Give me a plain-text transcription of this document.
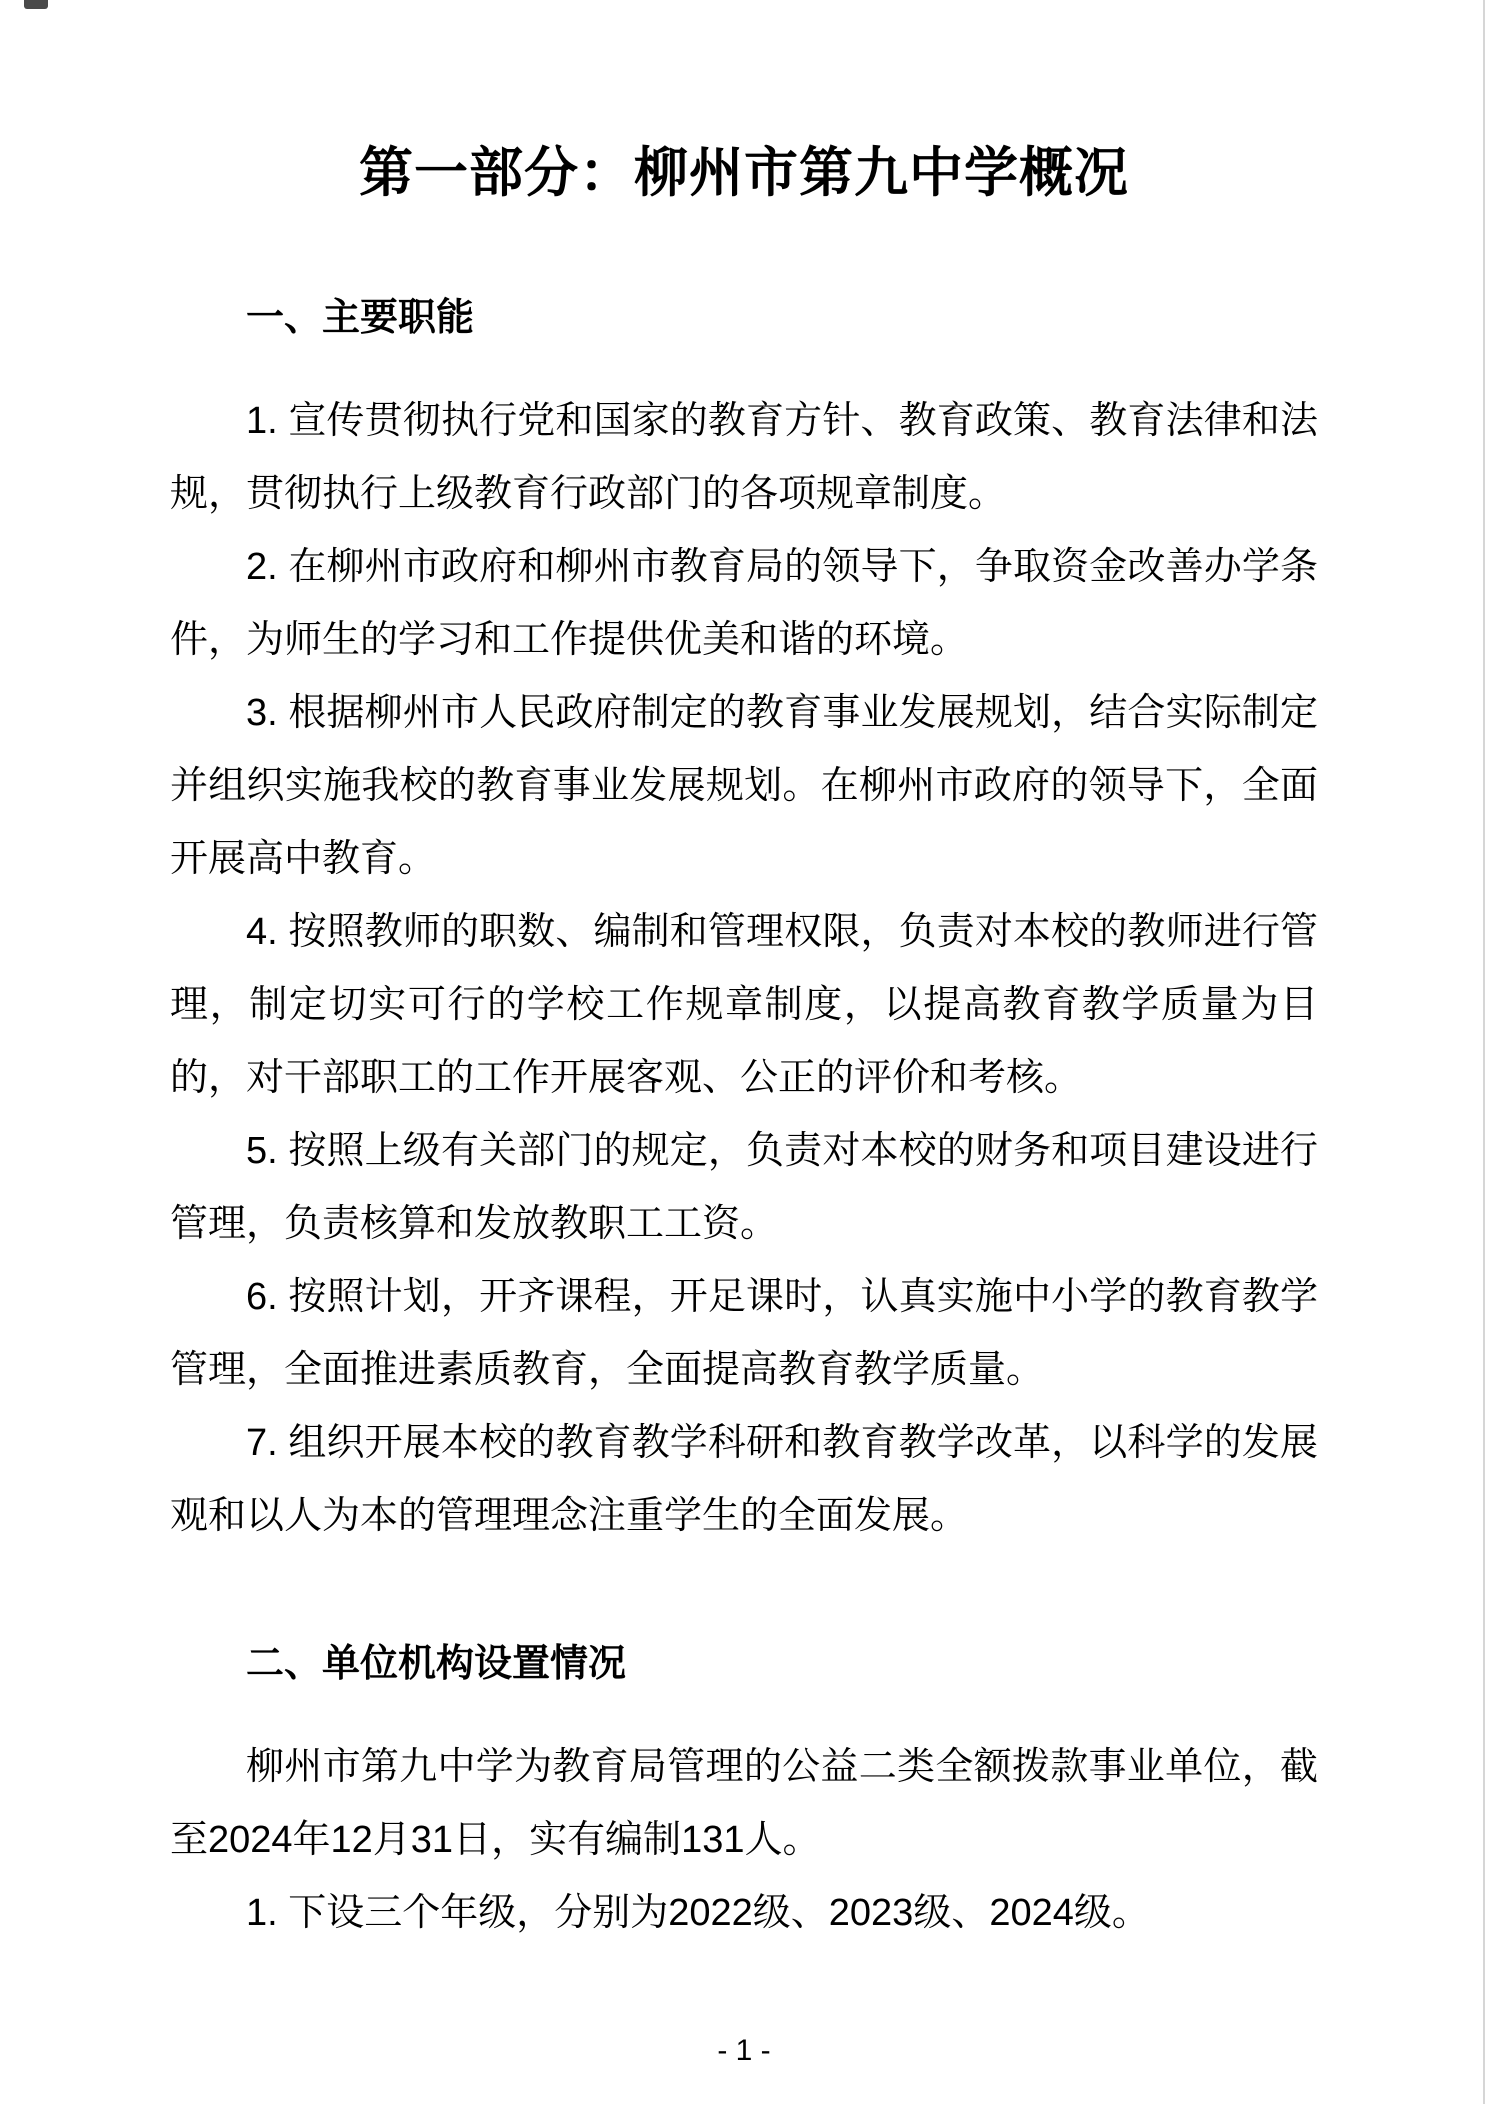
第一部分：柳州市第九中学概况
一、主要职能

1. 宣传贯彻执行党和国家的教育方针、教育政策、教育法律和法规，贯彻执行上级教育行政部门的各项规章制度。

2. 在柳州市政府和柳州市教育局的领导下，争取资金改善办学条件，为师生的学习和工作提供优美和谐的环境。

3. 根据柳州市人民政府制定的教育事业发展规划，结合实际制定并组织实施我校的教育事业发展规划。在柳州市政府的领导下，全面开展高中教育。

4. 按照教师的职数、编制和管理权限，负责对本校的教师进行管理，制定切实可行的学校工作规章制度，以提高教育教学质量为目的，对干部职工的工作开展客观、公正的评价和考核。

5. 按照上级有关部门的规定，负责对本校的财务和项目建设进行管理，负责核算和发放教职工工资。

6. 按照计划，开齐课程，开足课时，认真实施中小学的教育教学管理，全面推进素质教育，全面提高教育教学质量。

7. 组织开展本校的教育教学科研和教育教学改革，以科学的发展观和以人为本的管理理念注重学生的全面发展。

二、单位机构设置情况

柳州市第九中学为教育局管理的公益二类全额拨款事业单位，截至2024年12月31日，实有编制131人。

1. 下设三个年级，分别为2022级、2023级、2024级。

- 1 -
